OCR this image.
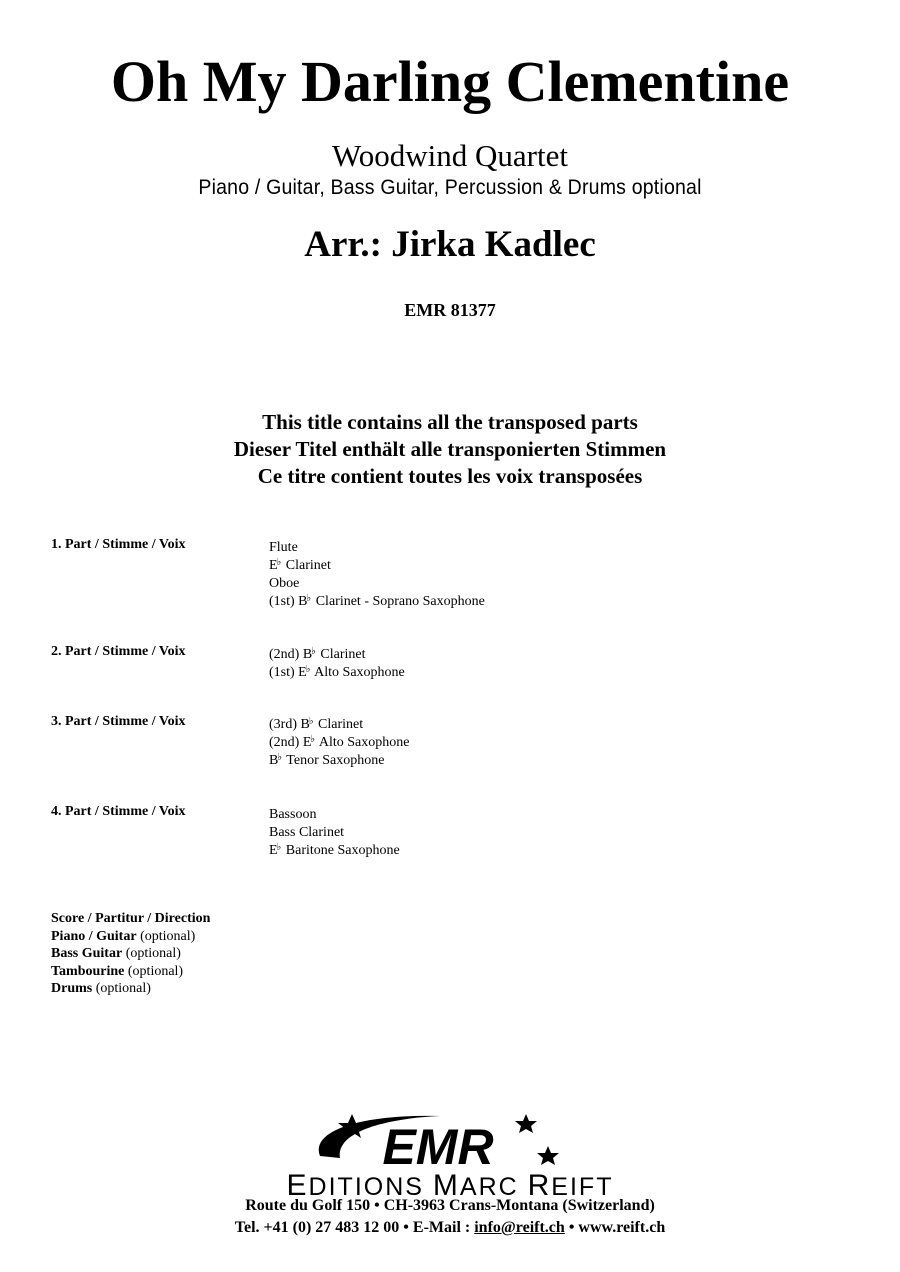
Oh My Darling Clementine
Woodwind Quartet
Piano / Guitar, Bass Guitar, Percussion & Drums optional
Arr.: Jirka Kadlec
EMR 81377
This title contains all the transposed parts
Dieser Titel enthält alle transponierten Stimmen
Ce titre contient toutes les voix transposées
1. Part / Stimme / Voix	Flute
E♭ Clarinet
Oboe
(1st) B♭ Clarinet - Soprano Saxophone
2. Part / Stimme / Voix	(2nd) B♭ Clarinet
(1st) E♭ Alto Saxophone
3. Part / Stimme / Voix	(3rd) B♭ Clarinet
(2nd) E♭ Alto Saxophone
B♭ Tenor Saxophone
4. Part / Stimme / Voix	Bassoon
Bass Clarinet
E♭ Baritone Saxophone
Score / Partitur / Direction
Piano / Guitar (optional)
Bass Guitar (optional)
Tambourine (optional)
Drums (optional)
EMR
EDITIONS MARC REIFT
Route du Golf 150 • CH-3963 Crans-Montana (Switzerland)
Tel. +41 (0) 27 483 12 00 • E-Mail : info@reift.ch • www.reift.ch
